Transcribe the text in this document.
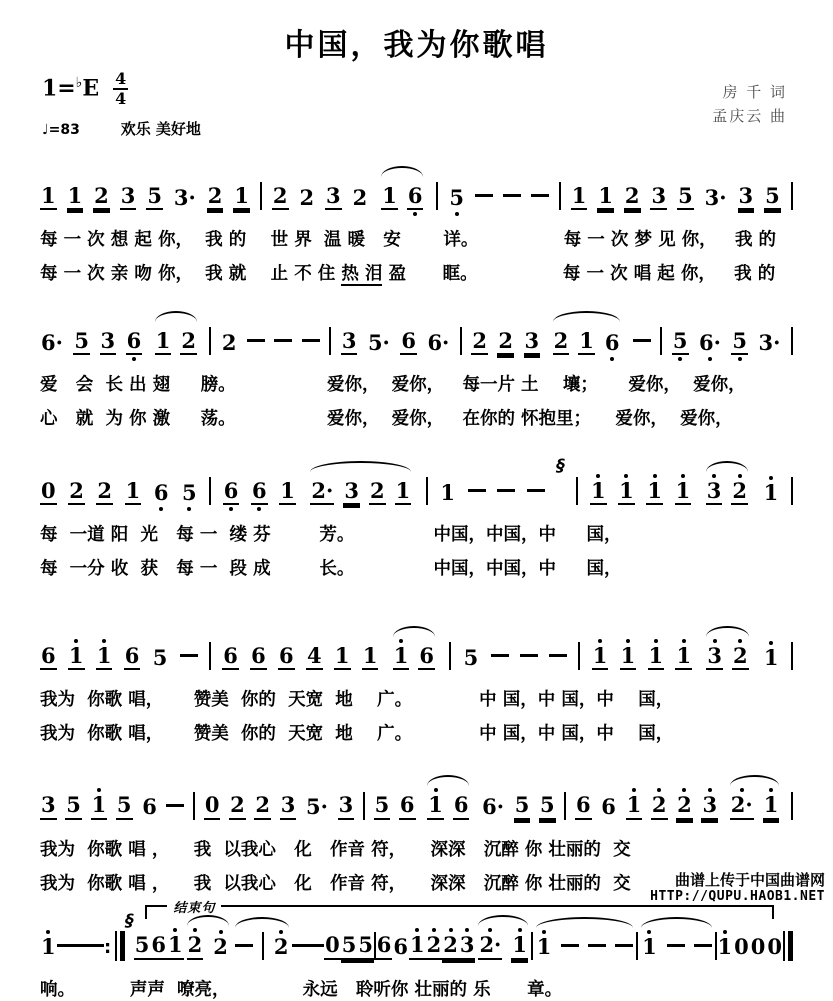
中国，我为你歌唱
$1=^♭E \frac{4}{4}$
♩=83	欢乐 美好地
房 千 词
孟庆云 曲
1 1 2 3 5 3· 2 1 2 2 3 2 1 6 5	1 1 2 3 5 3· 3 5
每 一 次 想 起 你，  我 的    世 界  温 暖   安       详。              每 一 次 梦 见 你，   我 的
每 一 次 亲 吻 你，  我 就    止 不 住 热 泪 盈      眶。              每 一 次 唱 起 你，   我 的
6· 5 3 6 1 2 2	3 5· 6 6· 2 2 3 2 1 6	5 6· 5 3·
爱   会  长 出 翅     膀。               爱你，  爱你，   每一片 土    壤；     爱你，  爱你，
心   就  为 你 激     荡。               爱你，  爱你，   在你的 怀抱里；    爱你，  爱你，
0 2 2 1 6 5 6 6 1 2· 3 2 1 1
§
1 1 1 1 3 2 1
每  一道 阳  光   每 一  缕 芬        芳。             中国，中国，中     国，
每  一分 收  获   每 一  段 成        长。             中国，中国，中     国，
6 1 1 6 5	6 6 6 4 1 1 1 6 5	1 1 1 1 3 2 1
我为  你歌 唱，     赞美  你的  天宽  地    广。           中 国，中 国，中    国，
我为  你歌 唱，     赞美  你的  天宽  地    广。           中 国，中 国，中    国，
3 5 1 5 6 0 2 2 3 5· 3 5 6 1 6 6· 5 5 6 6 1 2 2 3 2· 1
我为  你歌 唱 ，    我  以我心   化   作音 符，    深深   沉醉 你 壮丽的  交
我为  你歌 唱 ，    我  以我心   化   作音 符，    深深   沉醉 你 壮丽的  交
结束句
1	:
§
5 6 1 2 2 2 0 5 5 6 6 1 2 2 3 2· 1 1	1	1 0 0 0
响。         声声  嘹亮，            永远   聆听你 壮丽的 乐      章。
曲谱上传于中国曲谱网
HTTP://QUPU.HAOB1.NET
